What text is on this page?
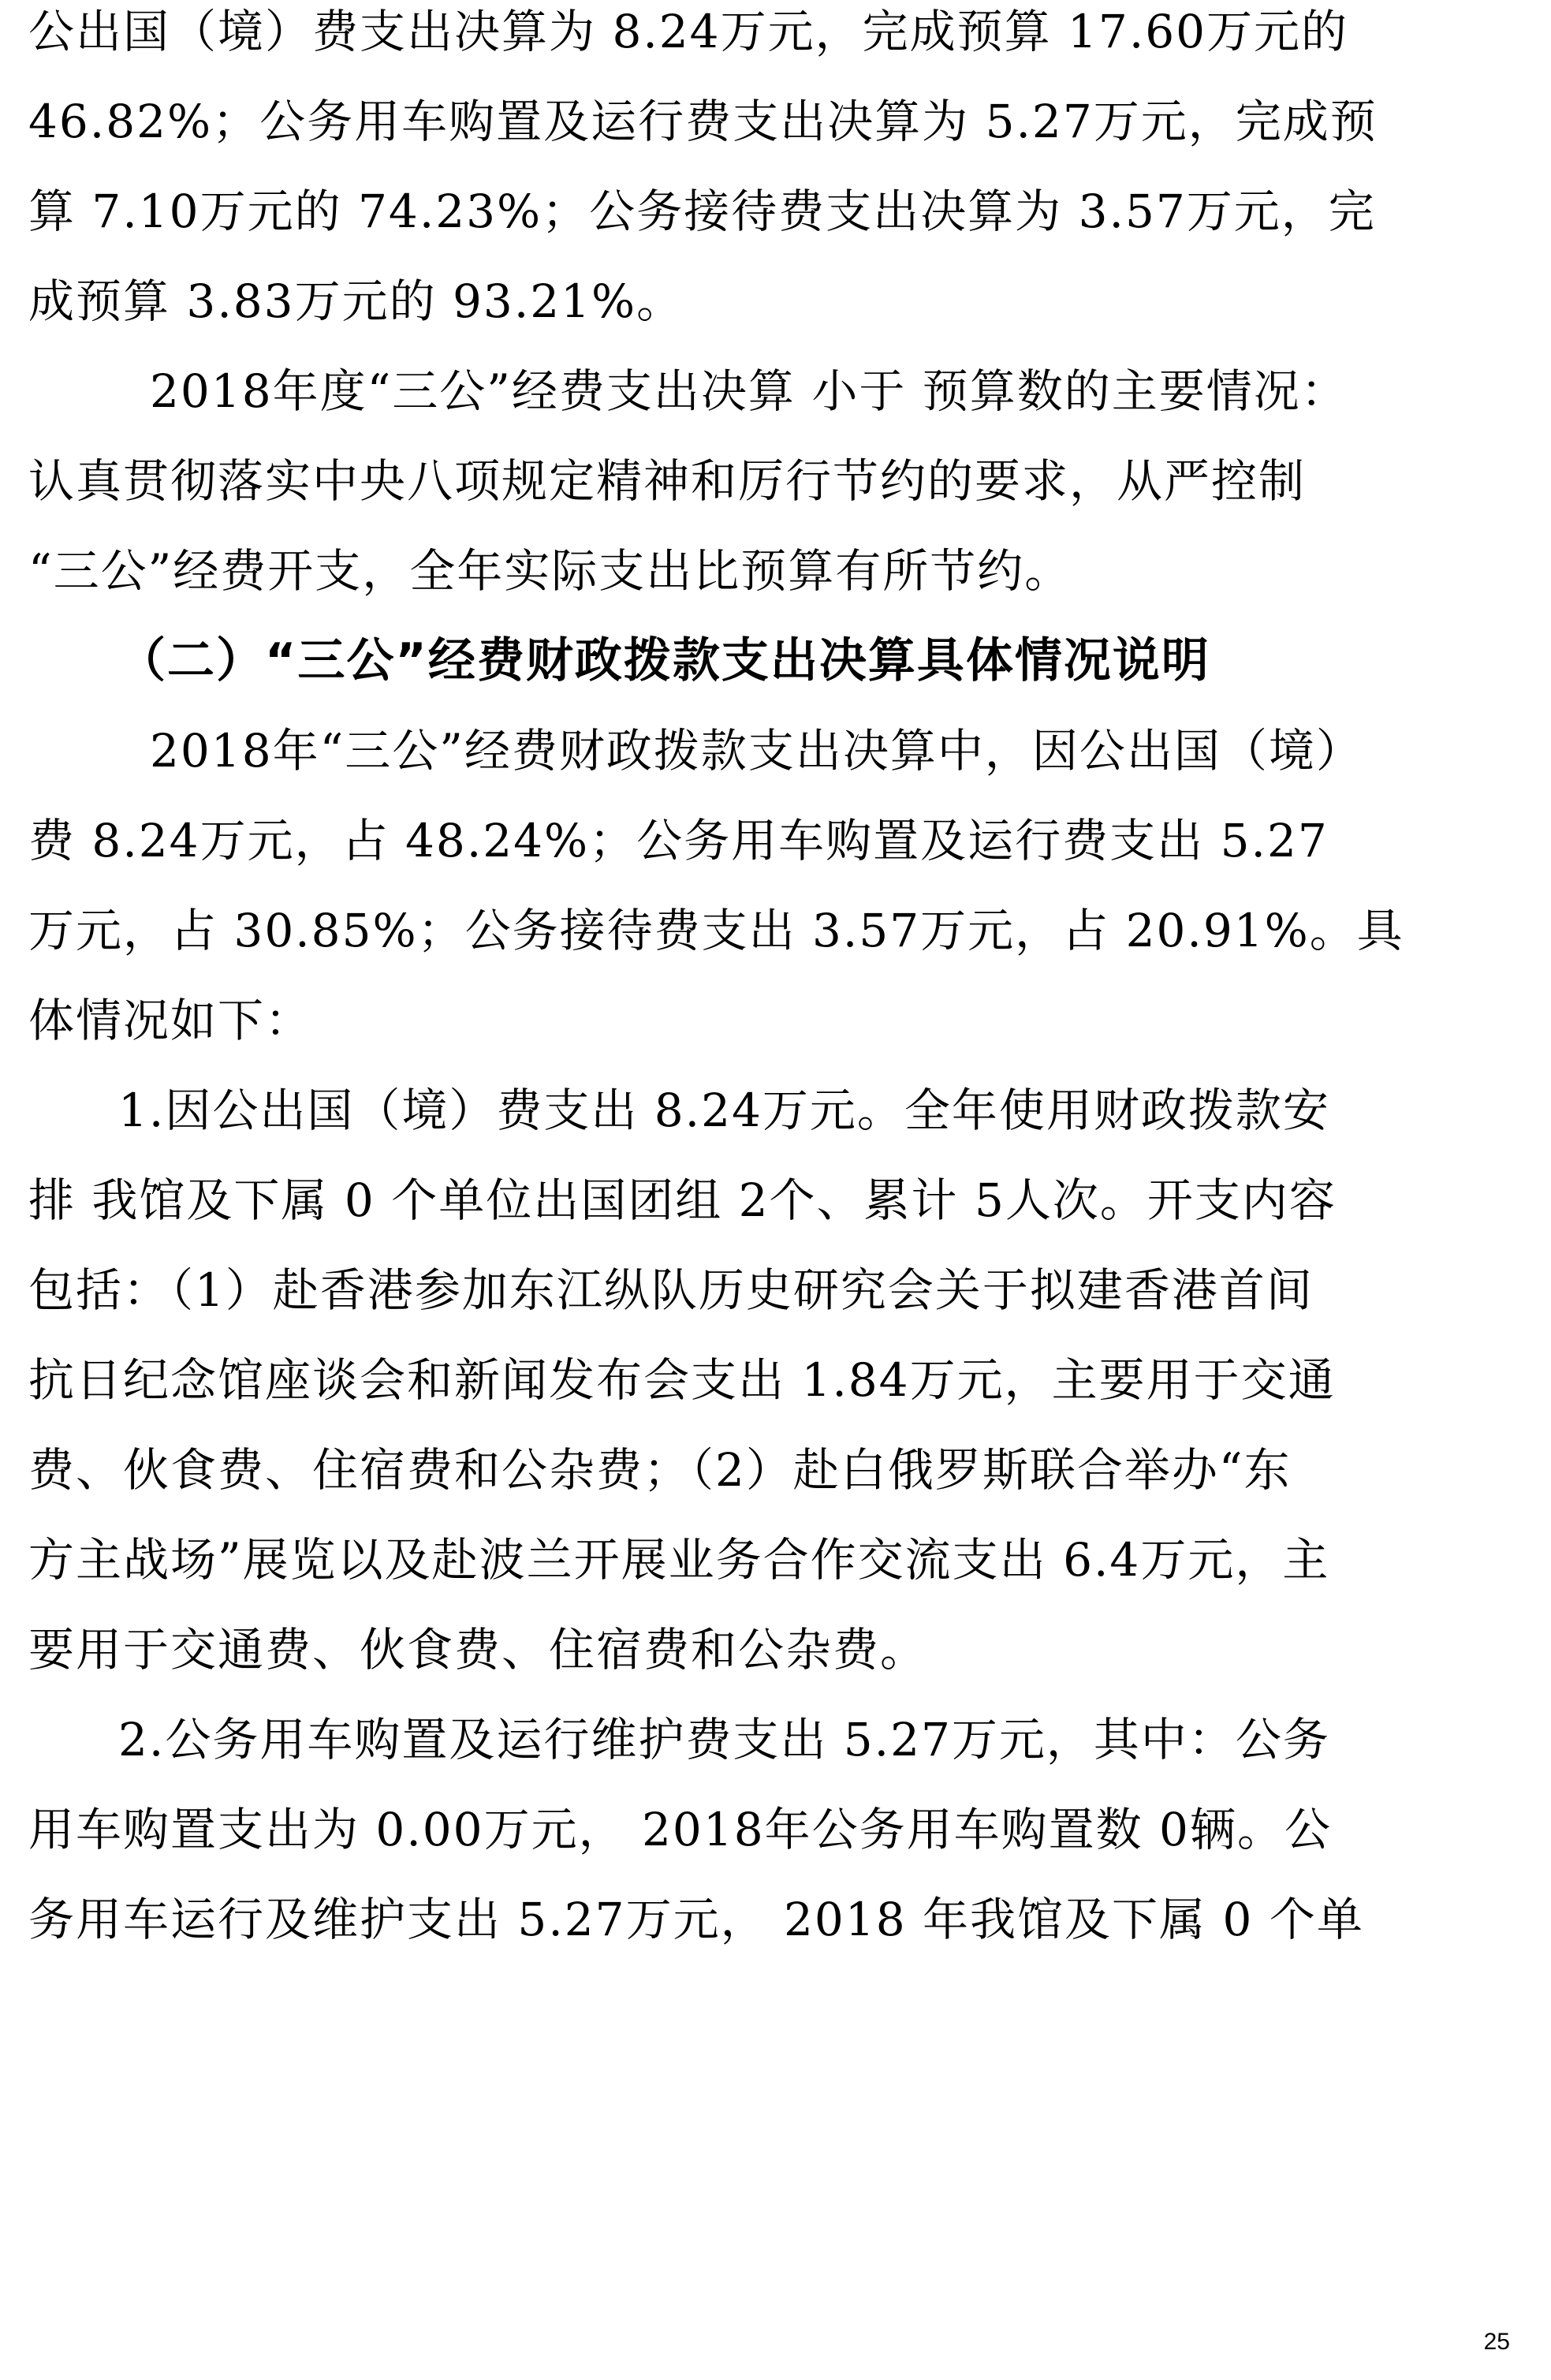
公出国（境）费支出决算为 8.24万元，完成预算 17.60万元的
46.82%；公务用车购置及运行费支出决算为 5.27万元，完成预
算 7.10万元的 74.23%；公务接待费支出决算为 3.57万元，完
成预算 3.83万元的 93.21%。
2018年度“三公”经费支出决算 小于 预算数的主要情况：
认真贯彻落实中央八项规定精神和厉行节约的要求，从严控制
“三公”经费开支，全年实际支出比预算有所节约。
（二）“三公”经费财政拨款支出决算具体情况说明
2018年“三公”经费财政拨款支出决算中，因公出国（境）
费 8.24万元，占 48.24%；公务用车购置及运行费支出 5.27
万元，占 30.85%；公务接待费支出 3.57万元，占 20.91%。具
体情况如下：
1.因公出国（境）费支出 8.24万元。全年使用财政拨款安
排 我馆及下属 0 个单位出国团组 2个、累计 5人次。开支内容
包括：（1）赴香港参加东江纵队历史研究会关于拟建香港首间
抗日纪念馆座谈会和新闻发布会支出 1.84万元，主要用于交通
费、伙食费、住宿费和公杂费；（2）赴白俄罗斯联合举办“东
方主战场”展览以及赴波兰开展业务合作交流支出 6.4万元，主
要用于交通费、伙食费、住宿费和公杂费。
2.公务用车购置及运行维护费支出 5.27万元，其中：公务
用车购置支出为 0.00万元， 2018年公务用车购置数 0辆。公
务用车运行及维护支出 5.27万元， 2018 年我馆及下属 0 个单
25
